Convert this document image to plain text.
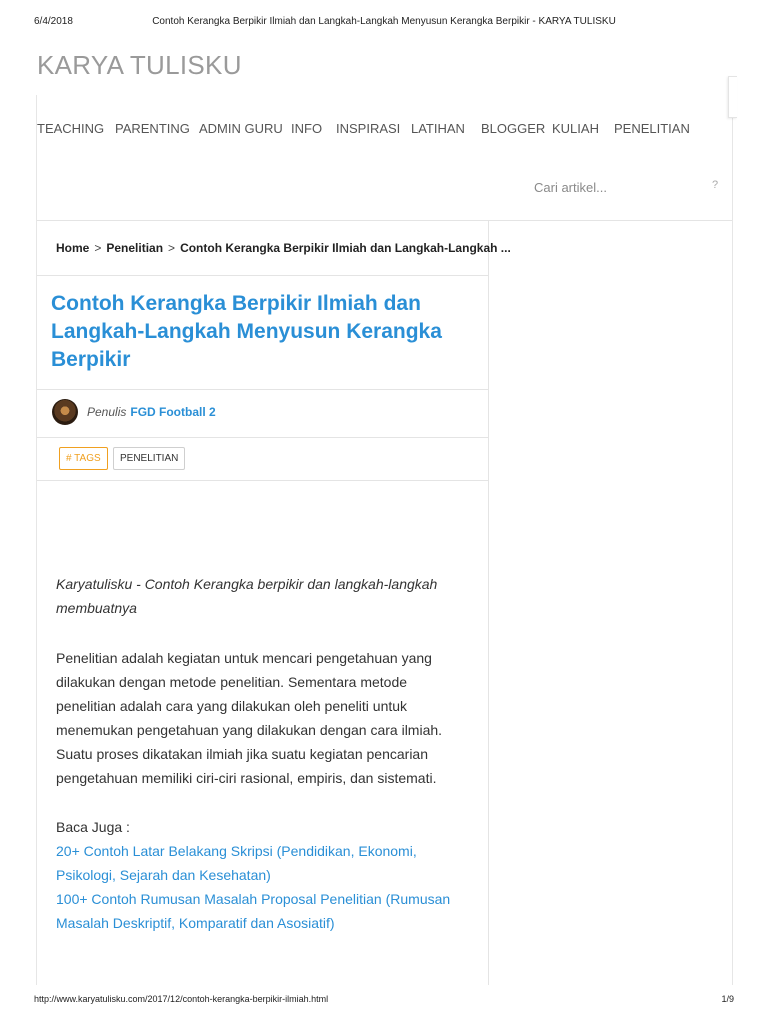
6/4/2018	Contoh Kerangka Berpikir Ilmiah dan Langkah-Langkah Menyusun Kerangka Berpikir - KARYA TULISKU
KARYA TULISKU
TEACHING PARENTING ADMIN GURU INFO INSPIRASI LATIHAN BLOGGER KULIAH PENELITIAN
Cari artikel...
?
Home > Penelitian > Contoh Kerangka Berpikir Ilmiah dan Langkah-Langkah ...
Contoh Kerangka Berpikir Ilmiah dan Langkah-Langkah Menyusun Kerangka Berpikir
Penulis FGD Football 2
# TAGS	PENELITIAN

Karyatulisku - Contoh Kerangka berpikir dan langkah-langkah membuatnya

Penelitian adalah kegiatan untuk mencari pengetahuan yang dilakukan dengan metode penelitian. Sementara metode penelitian adalah cara yang dilakukan oleh peneliti untuk menemukan pengetahuan yang dilakukan dengan cara ilmiah. Suatu proses dikatakan ilmiah jika suatu kegiatan pencarian pengetahuan memiliki ciri-ciri rasional, empiris, dan sistemati.

Baca Juga :
20+ Contoh Latar Belakang Skripsi (Pendidikan, Ekonomi, Psikologi, Sejarah dan Kesehatan)
100+ Contoh Rumusan Masalah Proposal Penelitian (Rumusan Masalah Deskriptif, Komparatif dan Asosiatif)
http://www.karyatulisku.com/2017/12/contoh-kerangka-berpikir-ilmiah.html	1/9
